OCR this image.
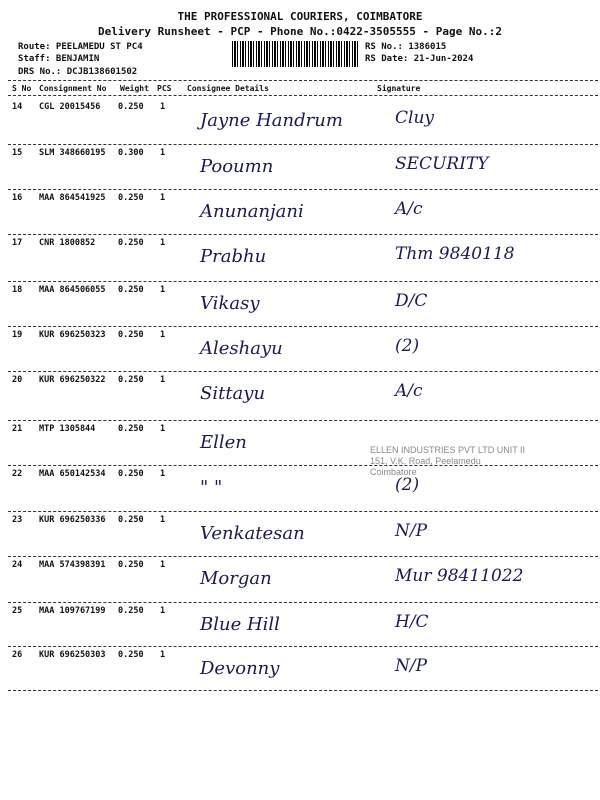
THE PROFESSIONAL COURIERS, COIMBATORE
Delivery Runsheet - PCP - Phone No.:0422-3505555 - Page No.:2
Route: PEELAMEDU ST PC4
Staff: BENJAMIN
DRS No.: DCJB138601502
RS No.: 1386015
RS Date: 21-Jun-2024
S No Consignment No Weight PCS Consignee Details	Signature
14 CGL 20015456 0.250 1
Jayne Handrum	Cluy
15 SLM 348660195 0.300 1
Pooumn	SECURITY
16 MAA 864541925 0.250 1
Anunanjani	A/c
17 CNR 1800852	0.250 1
Prabhu	Thm 9840118
18 MAA 864506055 0.250 1
Vikasy	D/C
19 KUR 696250323 0.250 1
Aleshayu	(2)
20 KUR 696250322 0.250 1
Sittayu	A/c
21 MTP 1305844	0.250 1
Ellen
22 MAA 650142534 0.250 1
" "	(2)
23 KUR 696250336 0.250 1
Venkatesan	N/P
24 MAA 574398391 0.250 1
Morgan	Mur 98411022
25 MAA 109767199 0.250 1
Blue Hill	H/C
26 KUR 696250303 0.250 1
Devonny	N/P
ELLEN INDUSTRIES PVT LTD UNIT II
151, V.K. Road, Peelamedu
Coimbatore
